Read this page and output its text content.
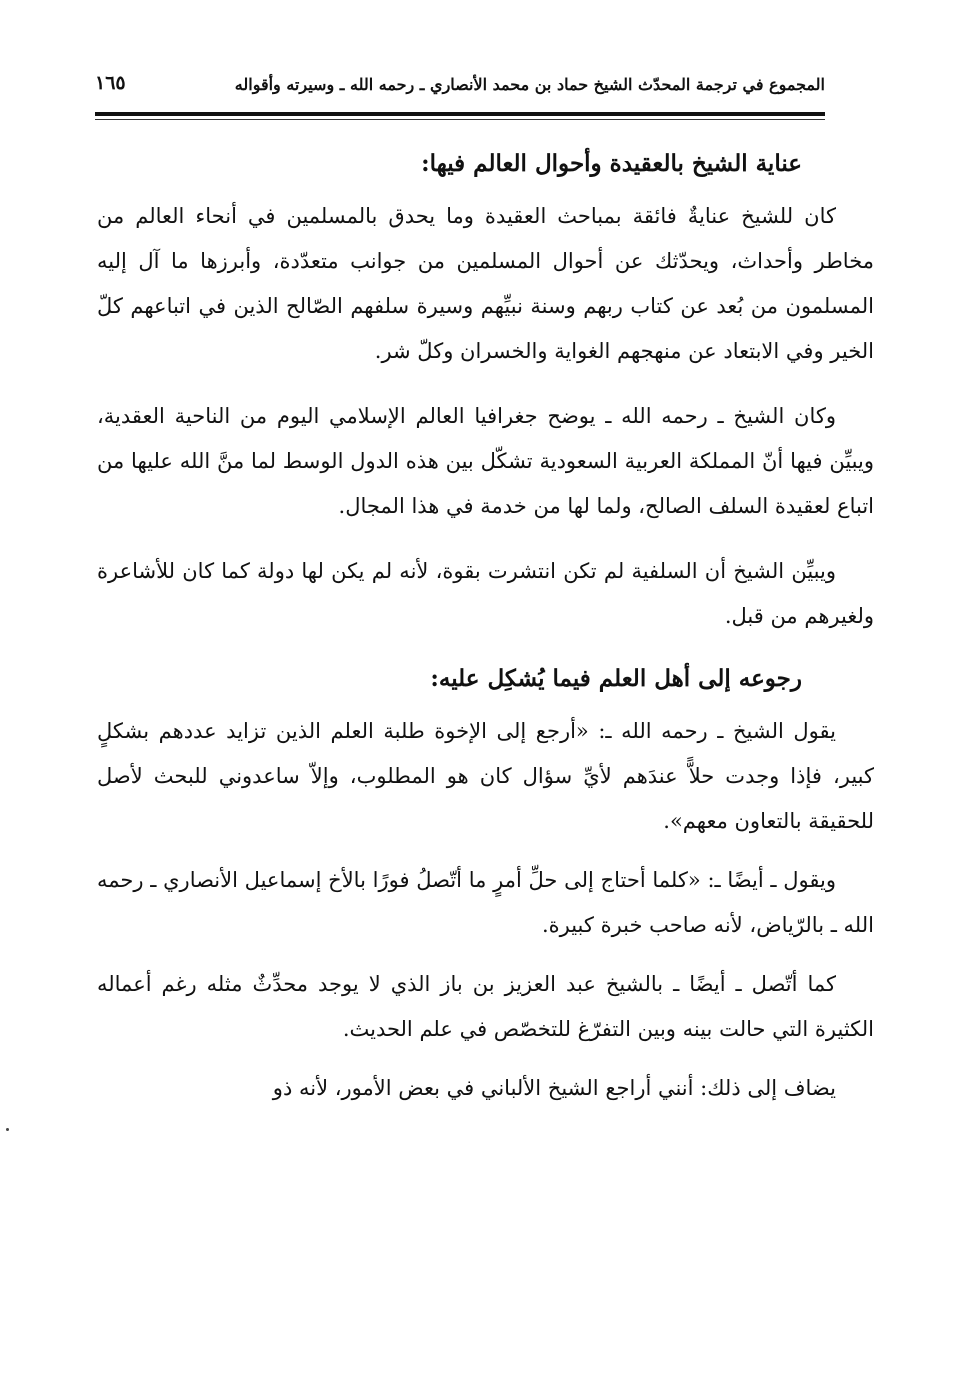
المجموع في ترجمة المحدّث الشيخ حماد بن محمد الأنصاري ـ رحمه الله ـ وسيرته وأقواله
١٦٥
عناية الشيخ بالعقيدة وأحوال العالم فيها:

كان للشيخ عنايةٌ فائقة بمباحث العقيدة وما يحدق بالمسلمين في أنحاء العالم من مخاطر وأحداث، ويحدّثك عن أحوال المسلمين من جوانب متعدّدة، وأبرزها ما آل إليه المسلمون من بُعد عن كتاب ربهم وسنة نبيِّهم وسيرة سلفهم الصّالح الذين في اتباعهم كلّ الخير وفي الابتعاد عن منهجهم الغواية والخسران وكلّ شر.

وكان الشيخ ـ رحمه الله ـ يوضح جغرافيا العالم الإسلامي اليوم من الناحية العقدية، ويبيِّن فيها أنّ المملكة العربية السعودية تشكّل بين هذه الدول الوسط لما منَّ الله عليها من اتباع لعقيدة السلف الصالح، ولما لها من خدمة في هذا المجال.

ويبيِّن الشيخ أن السلفية لم تكن انتشرت بقوة، لأنه لم يكن لها دولة كما كان للأشاعرة ولغيرهم من قبل.

رجوعه إلى أهل العلم فيما يُشكِل عليه:

يقول الشيخ ـ رحمه الله ـ: «أرجع إلى الإخوة طلبة العلم الذين تزايد عددهم بشكلٍ كبير، فإذا وجدت حلاًّ عندَهم لأيِّ سؤال كان هو المطلوب، وإلاّ ساعدوني للبحث لأصل للحقيقة بالتعاون معهم».

ويقول ـ أيضًا ـ: «كلما أحتاج إلى حلِّ أمرٍ ما أتّصلُ فورًا بالأخ إسماعيل الأنصاري ـ رحمه الله ـ بالرّياض، لأنه صاحب خبرة كبيرة.

كما أتّصل ـ أيضًا ـ بالشيخ عبد العزيز بن باز الذي لا يوجد محدِّثٌ مثله رغم أعماله الكثيرة التي حالت بينه وبين التفرّغ للتخصّص في علم الحديث.

يضاف إلى ذلك: أنني أراجع الشيخ الألباني في بعض الأمور، لأنه ذو
